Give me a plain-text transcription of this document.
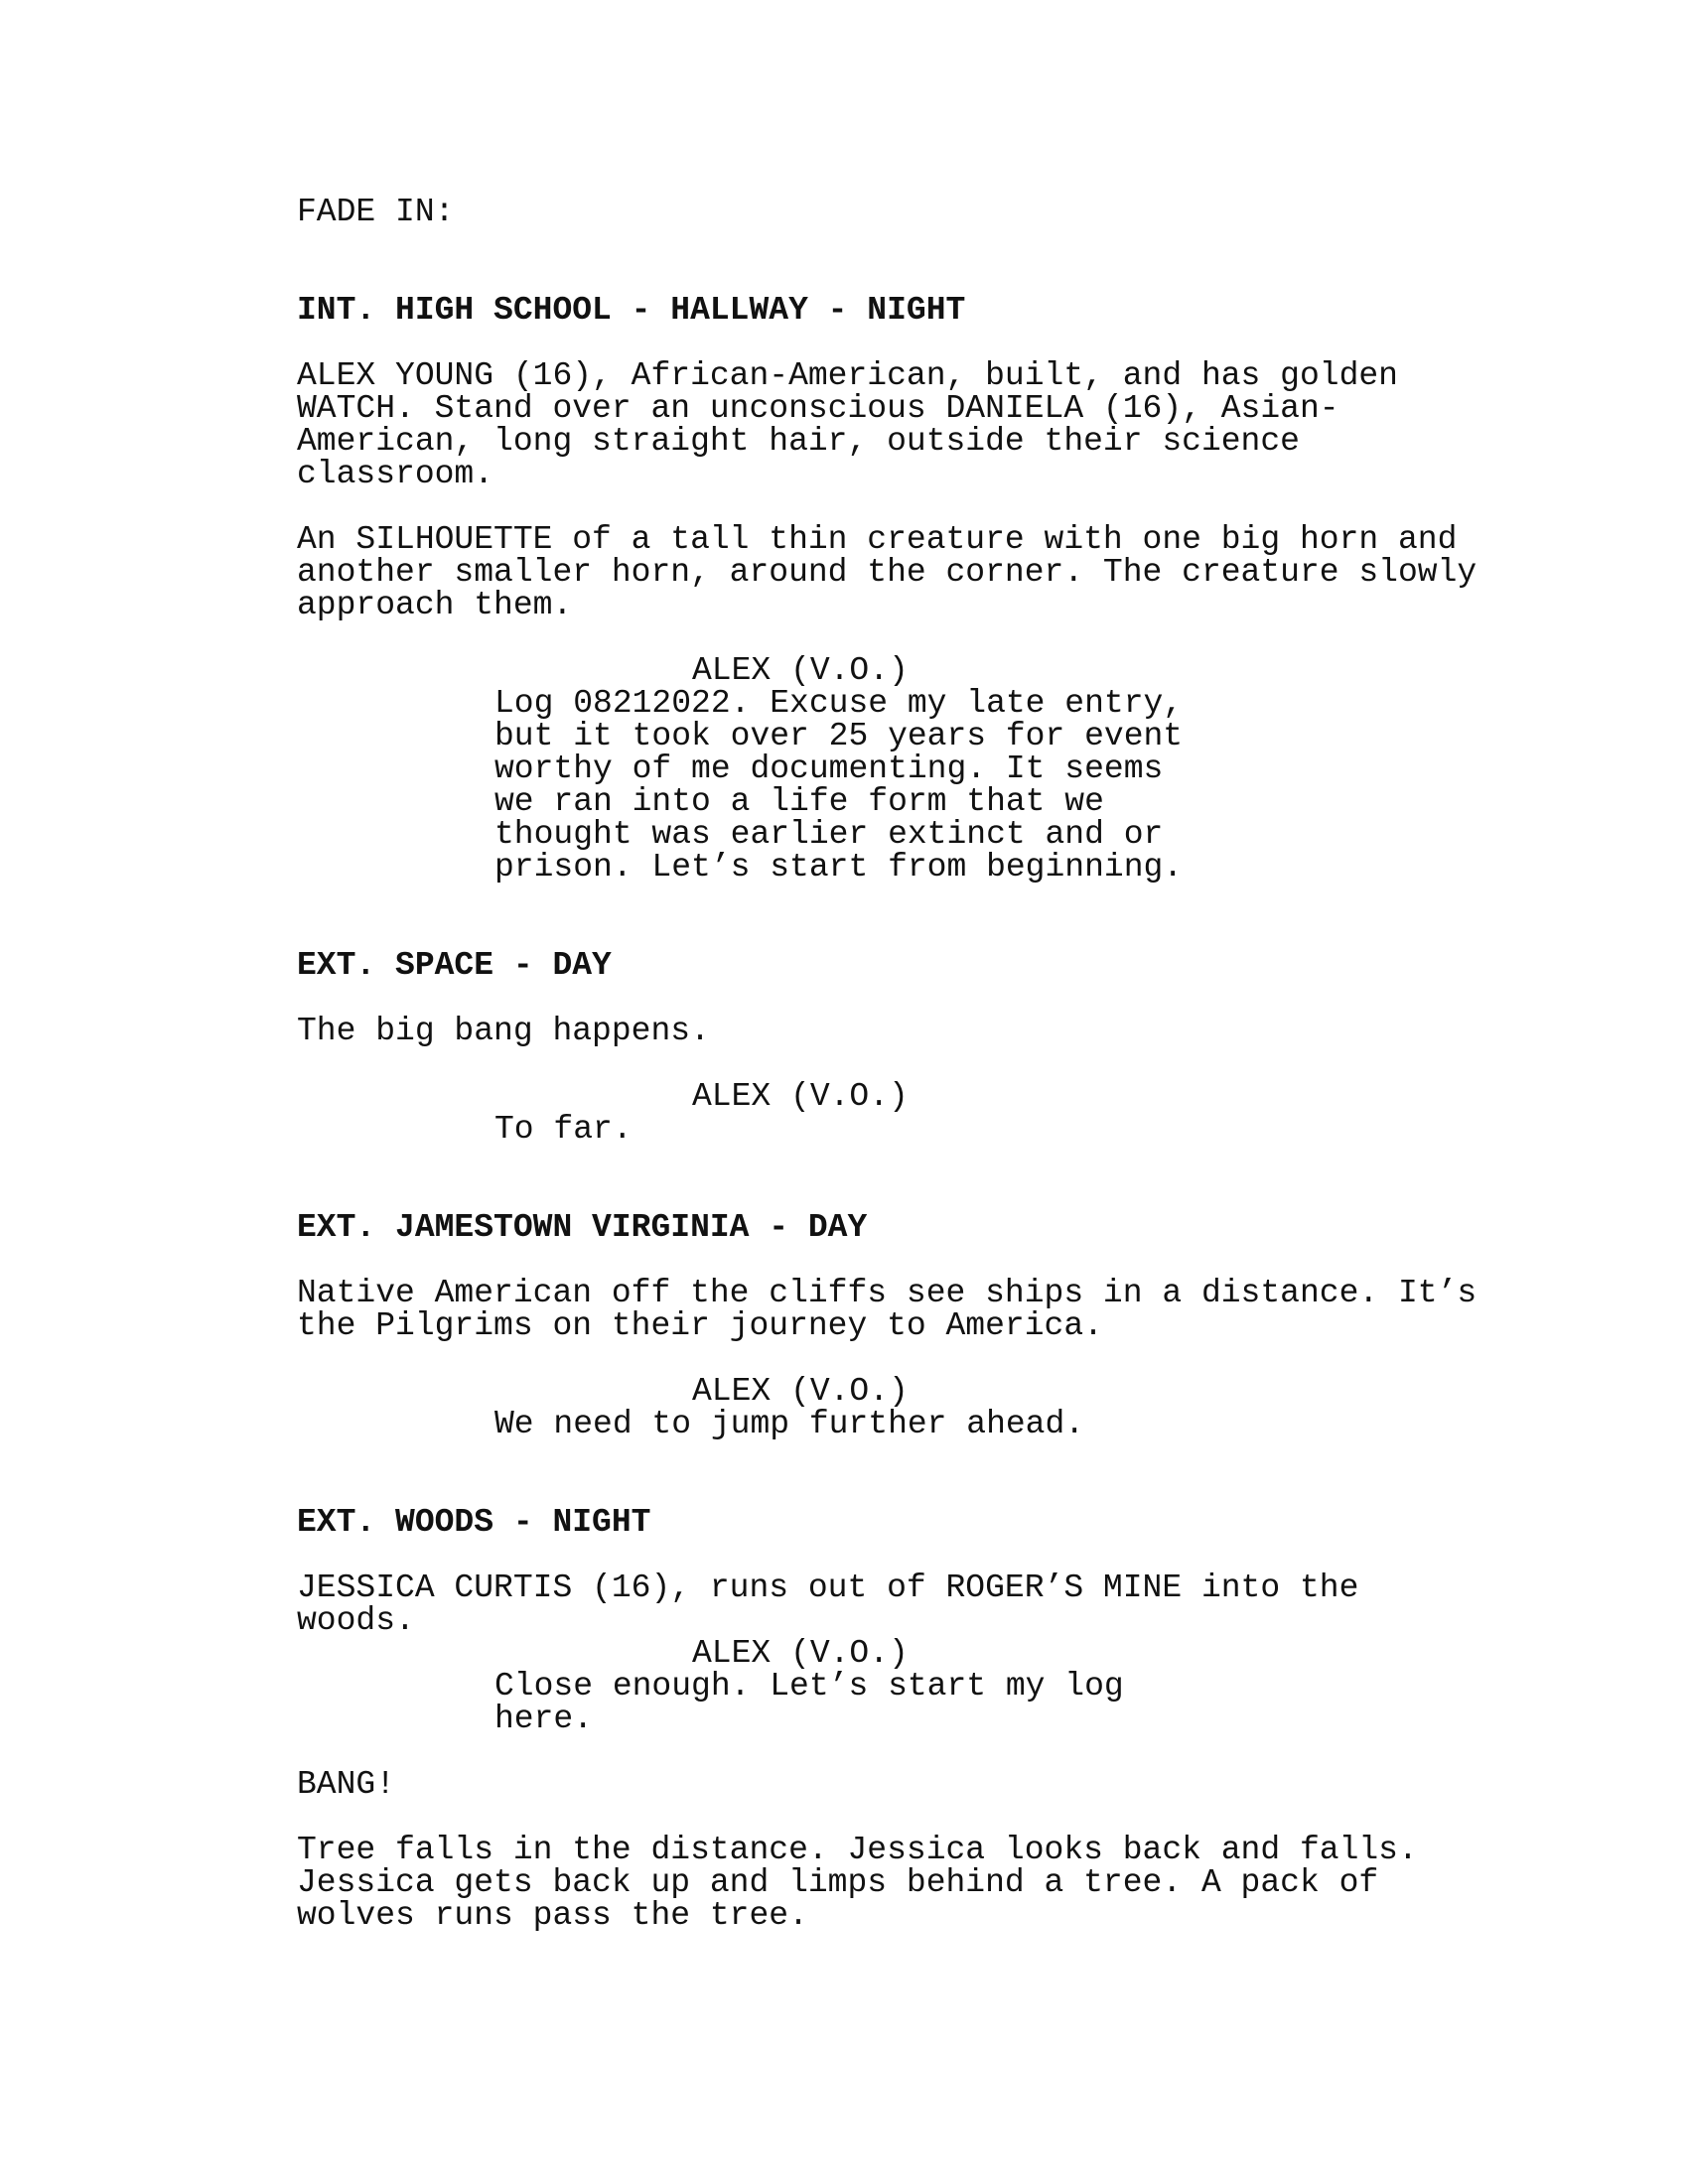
FADE IN:
INT. HIGH SCHOOL - HALLWAY - NIGHT
ALEX YOUNG (16), African-American, built, and has golden
WATCH. Stand over an unconscious DANIELA (16), Asian-
American, long straight hair, outside their science
classroom.
An SILHOUETTE of a tall thin creature with one big horn and
another smaller horn, around the corner. The creature slowly
approach them.
ALEX (V.O.)
Log 08212022. Excuse my late entry,
but it took over 25 years for event
worthy of me documenting. It seems
we ran into a life form that we
thought was earlier extinct and or
prison. Let’s start from beginning.
EXT. SPACE - DAY
The big bang happens.
ALEX (V.O.)
To far.
EXT. JAMESTOWN VIRGINIA - DAY
Native American off the cliffs see ships in a distance. It’s
the Pilgrims on their journey to America.
ALEX (V.O.)
We need to jump further ahead.
EXT. WOODS - NIGHT
JESSICA CURTIS (16), runs out of ROGER’S MINE into the woods.
ALEX (V.O.)
Close enough. Let’s start my log
here.
BANG!
Tree falls in the distance. Jessica looks back and falls.
Jessica gets back up and limps behind a tree. A pack of
wolves runs pass the tree.
